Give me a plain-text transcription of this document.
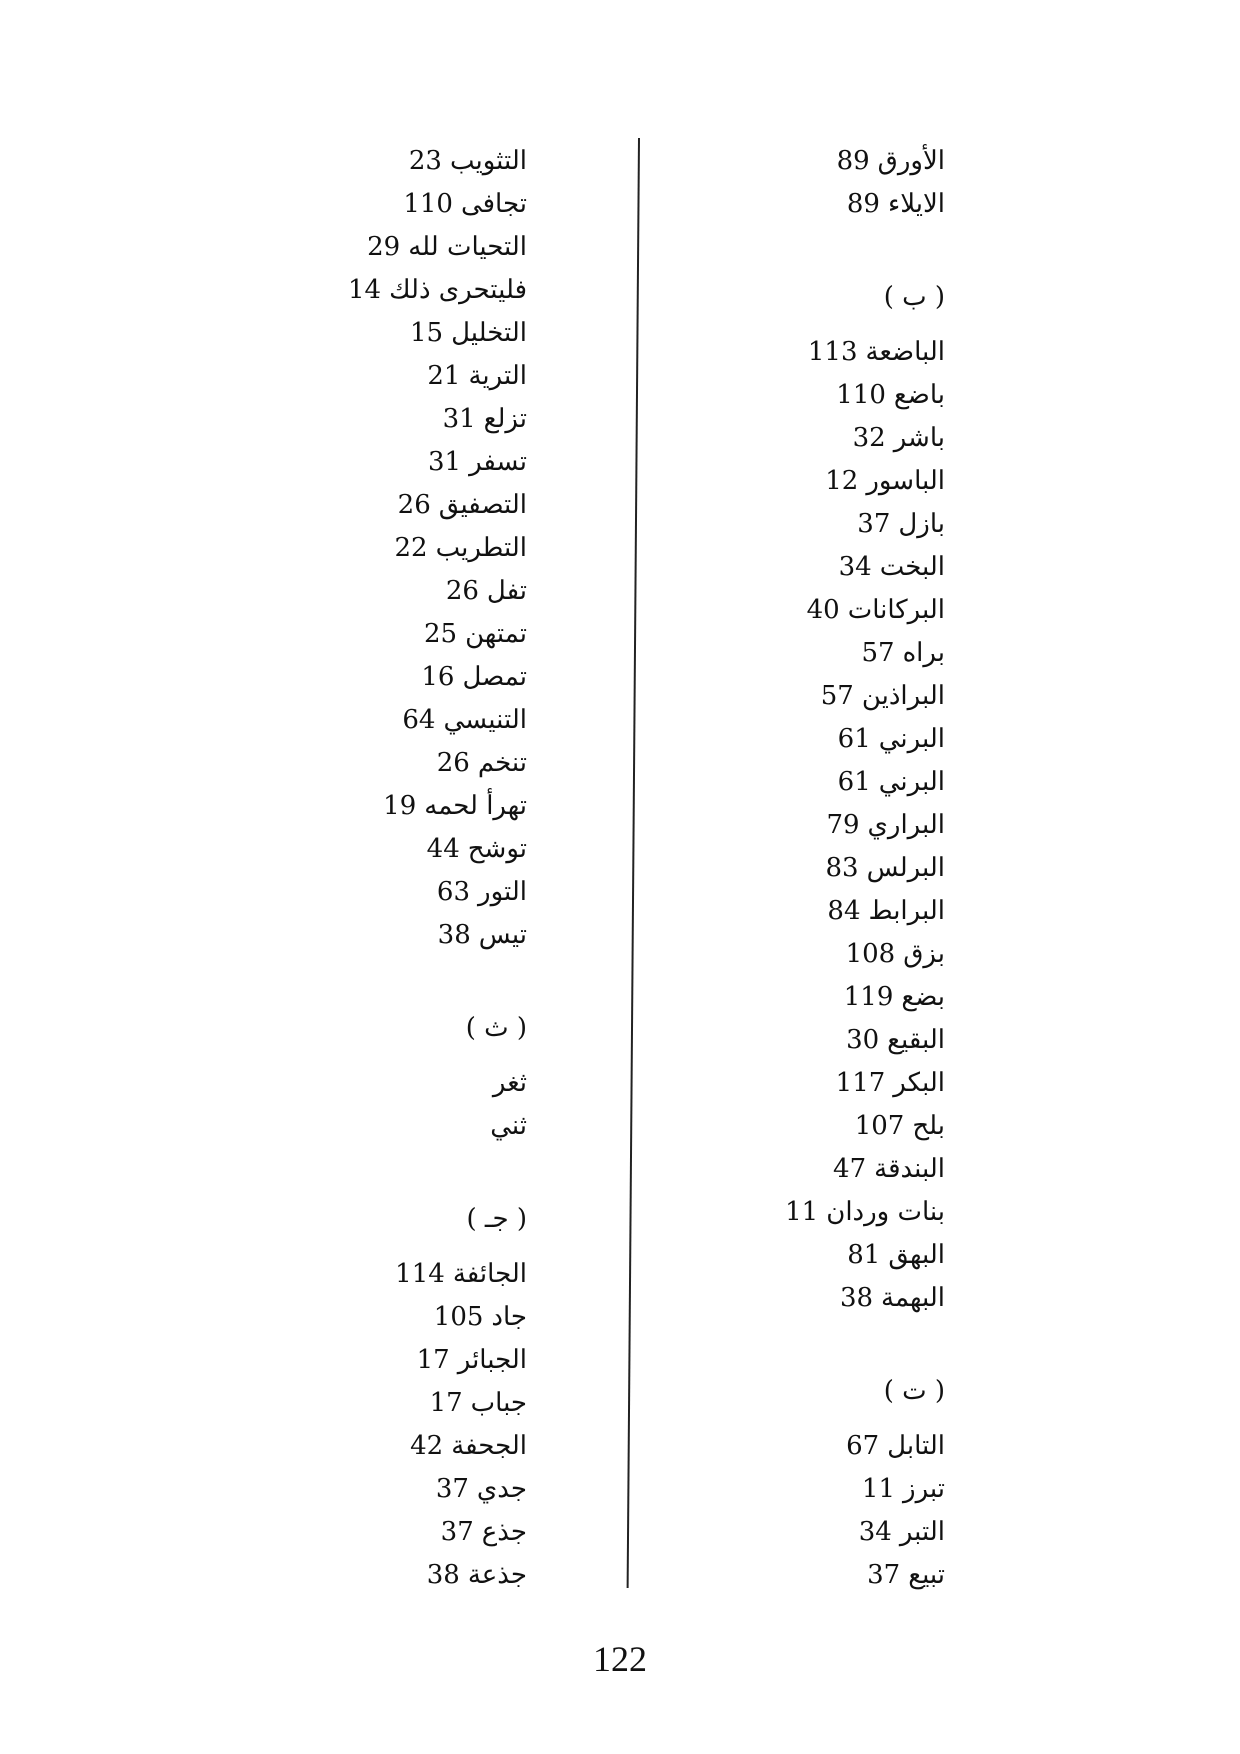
الأورق89
الايلاء89
( ب )
الباضعة113
باضع110
باشر32
الباسور12
بازل37
البخت34
البركانات40
براه57
البراذين57
البرني61
البرني61
البراري79
البرلس83
البرابط84
بزق108
بضع119
البقيع30
البكر117
بلح107
البندقة47
بنات وردان11
البهق81
البهمة38
( ت )
التابل67
تبرز11
التبر34
تبيع37
التثويب23
تجافى110
التحيات لله29
فليتحرى ذلك14
التخليل15
الترية21
تزلع31
تسفر31
التصفيق26
التطريب22
تفل26
تمتهن25
تمصل16
التنيسي64
تنخم26
تهرأ لحمه19
توشح44
التور63
تيس38
( ث )
ثغر
ثني
( جـ )
الجائفة114
جاد105
الجبائر17
جباب17
الجحفة42
جدي37
جذع37
جذعة38
122
